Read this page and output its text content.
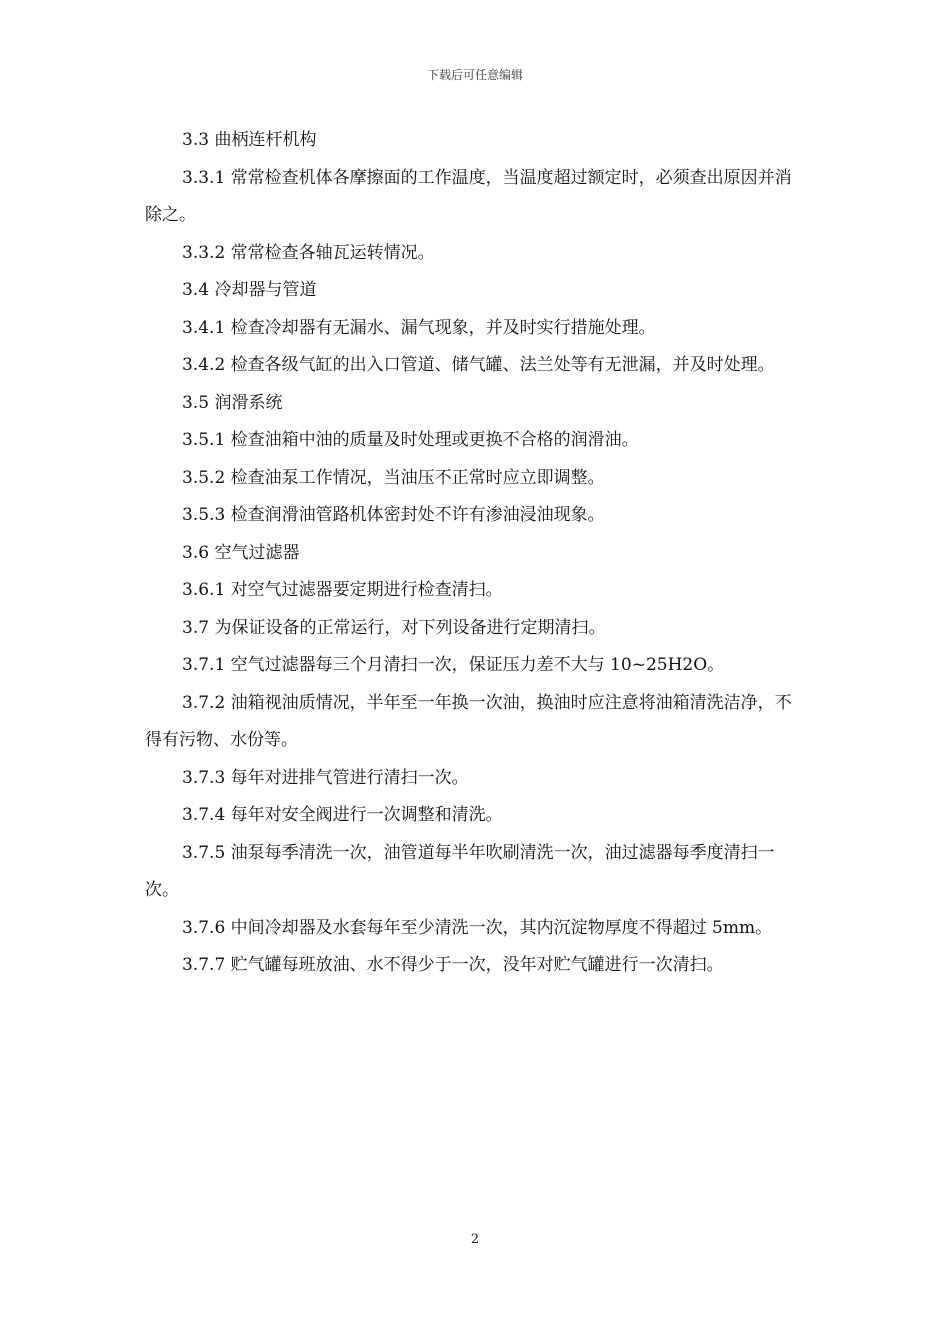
下载后可任意编辑

3.3 曲柄连杆机构

3.3.1 常常检查机体各摩擦面的工作温度，当温度超过额定时，必须查出原因并消除之。

3.3.2 常常检查各轴瓦运转情况。

3.4 冷却器与管道

3.4.1 检查冷却器有无漏水、漏气现象，并及时实行措施处理。

3.4.2 检查各级气缸的出入口管道、储气罐、法兰处等有无泄漏，并及时处理。

3.5 润滑系统

3.5.1 检查油箱中油的质量及时处理或更换不合格的润滑油。

3.5.2 检查油泵工作情况，当油压不正常时应立即调整。

3.5.3 检查润滑油管路机体密封处不许有渗油浸油现象。

3.6 空气过滤器

3.6.1 对空气过滤器要定期进行检查清扫。

3.7 为保证设备的正常运行，对下列设备进行定期清扫。

3.7.1 空气过滤器每三个月清扫一次，保证压力差不大与 10~25H2O。

3.7.2 油箱视油质情况，半年至一年换一次油，换油时应注意将油箱清洗洁净，不得有污物、水份等。

3.7.3 每年对进排气管进行清扫一次。

3.7.4 每年对安全阀进行一次调整和清洗。

3.7.5 油泵每季清洗一次，油管道每半年吹刷清洗一次，油过滤器每季度清扫一次。

3.7.6 中间冷却器及水套每年至少清洗一次，其内沉淀物厚度不得超过 5mm。

3.7.7 贮气罐每班放油、水不得少于一次，没年对贮气罐进行一次清扫。

2
